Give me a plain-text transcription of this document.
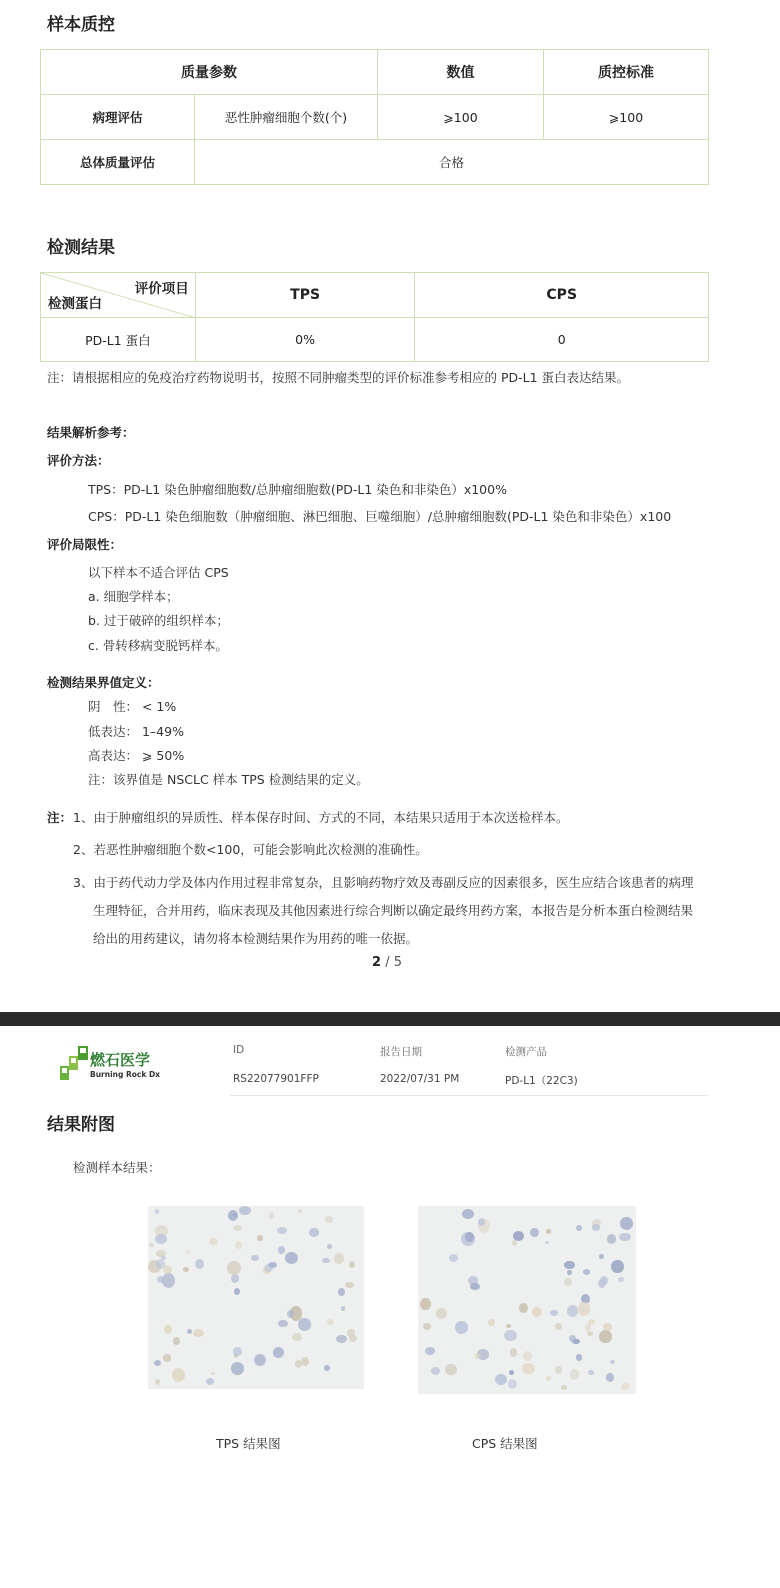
样本质控
质量参数		数值	质控标准
病理评估	恶性肿瘤细胞个数(个)	⩾100	⩾100
总体质量评估	合格		
检测结果
评价项目
检测蛋白	TPS	CPS
PD-L1 蛋白	0%	0
注：请根据相应的免疫治疗药物说明书，按照不同肿瘤类型的评价标准参考相应的 PD-L1 蛋白表达结果。
结果解析参考：
评价方法：
TPS：PD-L1 染色肿瘤细胞数/总肿瘤细胞数(PD-L1 染色和非染色）x100%
CPS：PD-L1 染色细胞数（肿瘤细胞、淋巴细胞、巨噬细胞）/总肿瘤细胞数(PD-L1 染色和非染色）x100
评价局限性：
以下样本不适合评估 CPS
a. 细胞学样本；
b. 过于破碎的组织样本；
c. 骨转移病变脱钙样本。
检测结果界值定义：
阴　性： < 1%
低表达： 1–49%
高表达： ⩾ 50%
注：该界值是 NSCLC 样本 TPS 检测结果的定义。
注： 1、由于肿瘤组织的异质性、样本保存时间、方式的不同，本结果只适用于本次送检样本。
2、若恶性肿瘤细胞个数<100，可能会影响此次检测的准确性。
3、由于药代动力学及体内作用过程非常复杂，且影响药物疗效及毒副反应的因素很多，医生应结合该患者的病理
生理特征，合并用药，临床表现及其他因素进行综合判断以确定最终用药方案，本报告是分析本蛋白检测结果
给出的用药建议，请勿将本检测结果作为用药的唯一依据。
2 / 5
燃石医学
Burning Rock Dx
ID
RS22077901FFP
报告日期
2022/07/31 PM
检测产品
PD-L1（22C3)
结果附图
检测样本结果：
TPS 结果图	CPS 结果图
